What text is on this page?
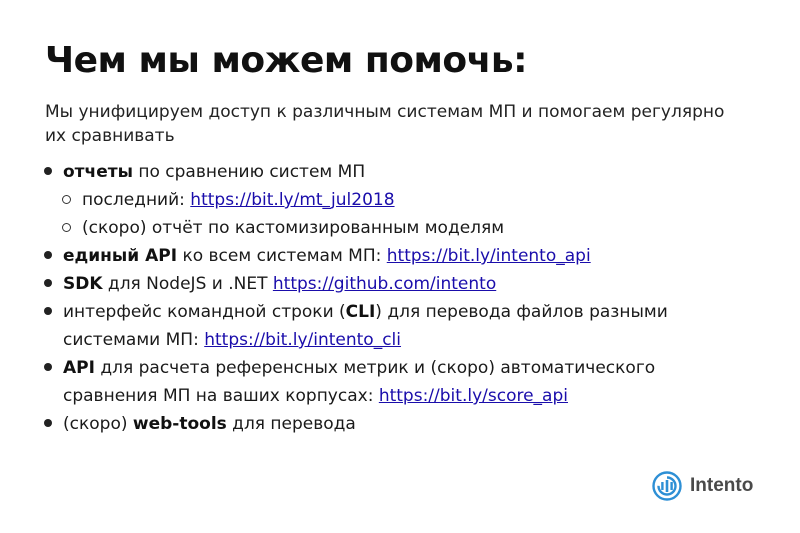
Чем мы можем помочь:

Мы унифицируем доступ к различным системам МП и помогаем регулярно их сравнивать

отчеты по сравнению систем МП
последний: https://bit.ly/mt_jul2018
(скоро) отчёт по кастомизированным моделям
единый API ко всем системам МП: https://bit.ly/intento_api
SDK для NodeJS и .NET https://github.com/intento
интерфейс командной строки (CLI) для перевода файлов разными
системами МП: https://bit.ly/intento_cli
API для расчета референсных метрик и (скоро) автоматического
сравнения МП на ваших корпусах: https://bit.ly/score_api
(скоро) web-tools для перевода
Intento
